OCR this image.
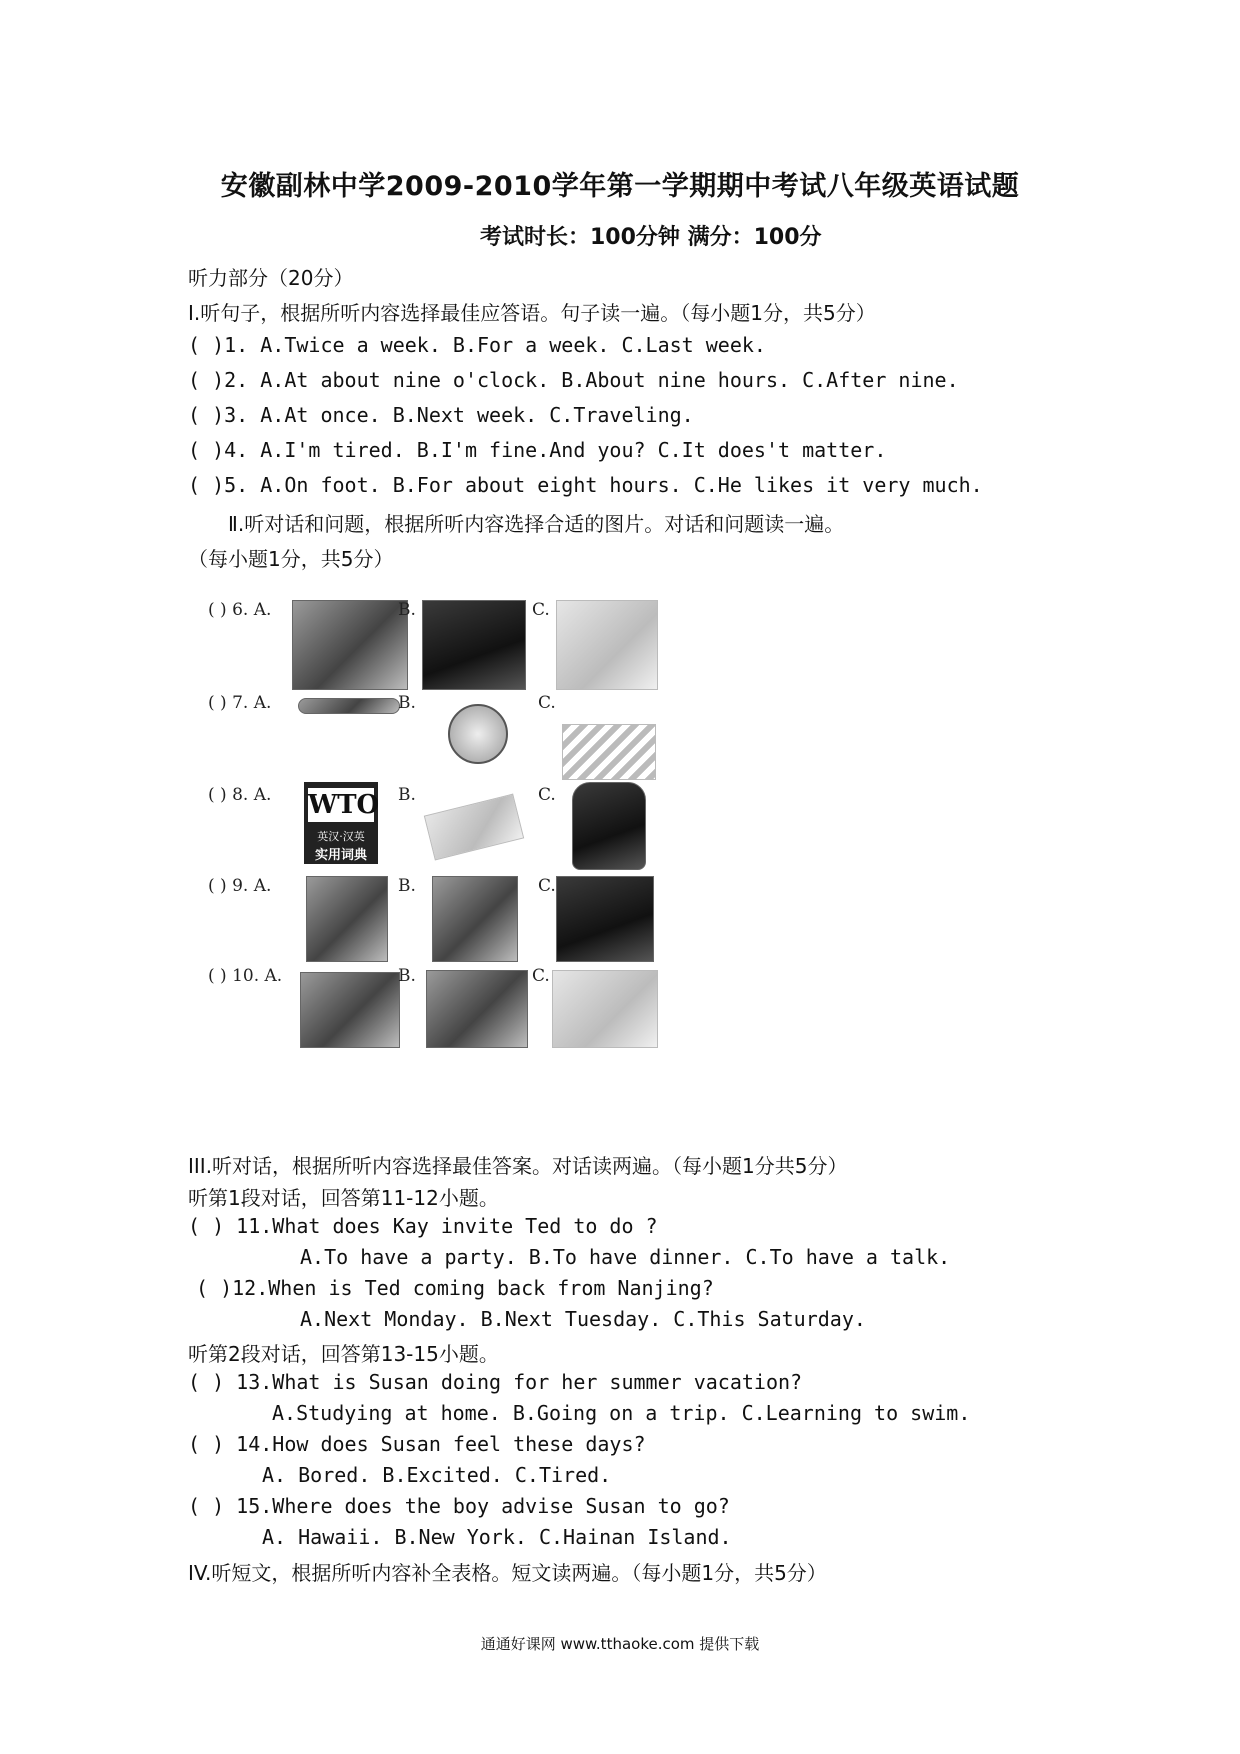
安徽副林中学2009-2010学年第一学期期中考试八年级英语试题
考试时长：100分钟 满分：100分
听力部分（20分）
I.听句子，根据所听内容选择最佳应答语。句子读一遍。（每小题1分，共5分）
( )1. A.Twice a week. B.For a week. C.Last week.
( )2. A.At about nine o'clock. B.About nine hours. C.After nine.
( )3. A.At once. B.Next week. C.Traveling.
( )4. A.I'm tired. B.I'm fine.And you? C.It does't matter.
( )5. A.On foot. B.For about eight hours. C.He likes it very much.
Ⅱ.听对话和问题，根据所听内容选择合适的图片。对话和问题读一遍。
（每小题1分，共5分）
( ) 6. A.	B.	C.
( ) 7. A.	B.	C.
( ) 8. A. WTO
英汉·汉英
实用词典
B.	C.
( ) 9. A.	B.	C.
( ) 10. A.	B.	C.
III.听对话，根据所听内容选择最佳答案。对话读两遍。（每小题1分共5分）
听第1段对话，回答第11-12小题。
( ) 11.What does Kay invite Ted to do ?
A.To have a party. B.To have dinner. C.To have a talk.
( )12.When is Ted coming back from Nanjing?
A.Next Monday. B.Next Tuesday. C.This Saturday.
听第2段对话，回答第13-15小题。
( ) 13.What is Susan doing for her summer vacation?
A.Studying at home. B.Going on a trip. C.Learning to swim.
( ) 14.How does Susan feel these days?
A. Bored. B.Excited. C.Tired.
( ) 15.Where does the boy advise Susan to go?
A. Hawaii. B.New York. C.Hainan Island.
IV.听短文，根据所听内容补全表格。短文读两遍。（每小题1分，共5分）
通通好课网 www.tthaoke.com 提供下载
